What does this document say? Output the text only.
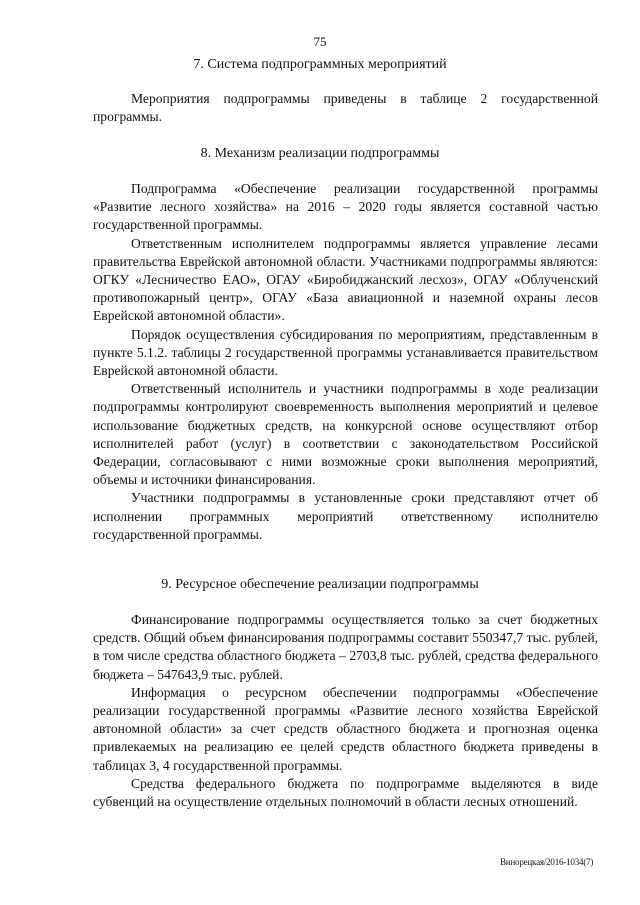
75
7. Система подпрограммных мероприятий

Мероприятия подпрограммы приведены в таблице 2 государственной программы.

8. Механизм реализации подпрограммы

Подпрограмма «Обеспечение реализации государственной программы «Развитие лесного хозяйства» на 2016 – 2020 годы является составной частью государственной программы.

Ответственным исполнителем подпрограммы является управление лесами правительства Еврейской автономной области. Участниками подпрограммы являются: ОГКУ «Лесничество ЕАО», ОГАУ «Биробиджанский лесхоз», ОГАУ «Облученский противопожарный центр», ОГАУ «База авиационной и наземной охраны лесов Еврейской автономной области».

Порядок осуществления субсидирования по мероприятиям, представленным в пункте 5.1.2. таблицы 2 государственной программы устанавливается правительством Еврейской автономной области.

Ответственный исполнитель и участники подпрограммы в ходе реализации подпрограммы контролируют своевременность выполнения мероприятий и целевое использование бюджетных средств, на конкурсной основе осуществляют отбор исполнителей работ (услуг) в соответствии с законодательством Российской Федерации, согласовывают с ними возможные сроки выполнения мероприятий, объемы и источники финансирования.

Участники подпрограммы в установленные сроки представляют отчет об исполнении программных мероприятий ответственному исполнителю государственной программы.

9. Ресурсное обеспечение реализации подпрограммы

Финансирование подпрограммы осуществляется только за счет бюджетных средств. Общий объем финансирования подпрограммы составит 550347,7 тыс. рублей, в том числе средства областного бюджета – 2703,8 тыс. рублей, средства федерального бюджета – 547643,9 тыс. рублей.

Информация о ресурсном обеспечении подпрограммы «Обеспечение реализации государственной программы «Развитие лесного хозяйства Еврейской автономной области» за счет средств областного бюджета и прогнозная оценка привлекаемых на реализацию ее целей средств областного бюджета приведены в таблицах 3, 4 государственной программы.

Средства федерального бюджета по подпрограмме выделяются в виде субвенций на осуществление отдельных полномочий в области лесных отношений.

Винорецкая/2016-1034(7)
